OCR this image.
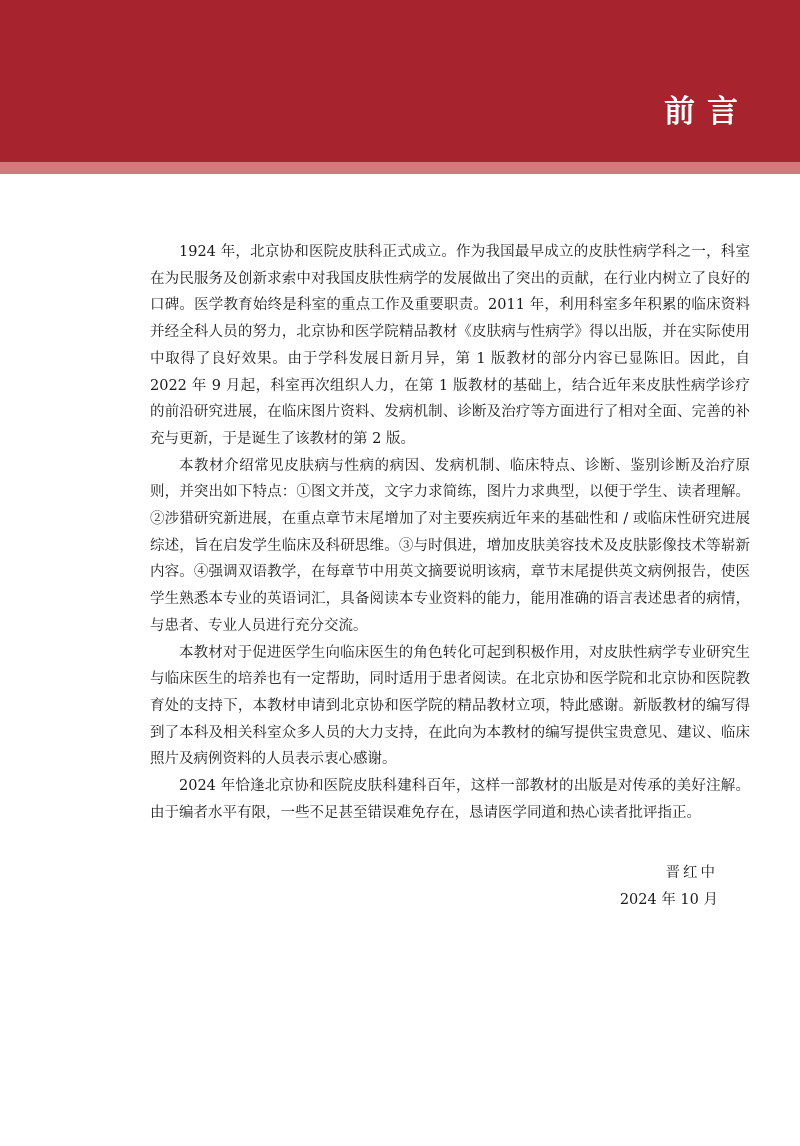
前言

1924 年，北京协和医院皮肤科正式成立。作为我国最早成立的皮肤性病学科之一，科室在为民服务及创新求索中对我国皮肤性病学的发展做出了突出的贡献，在行业内树立了良好的口碑。医学教育始终是科室的重点工作及重要职责。2011 年，利用科室多年积累的临床资料并经全科人员的努力，北京协和医学院精品教材《皮肤病与性病学》得以出版，并在实际使用中取得了良好效果。由于学科发展日新月异，第 1 版教材的部分内容已显陈旧。因此，自 2022 年 9 月起，科室再次组织人力，在第 1 版教材的基础上，结合近年来皮肤性病学诊疗的前沿研究进展，在临床图片资料、发病机制、诊断及治疗等方面进行了相对全面、完善的补充与更新，于是诞生了该教材的第 2 版。

本教材介绍常见皮肤病与性病的病因、发病机制、临床特点、诊断、鉴别诊断及治疗原则，并突出如下特点：①图文并茂，文字力求简练，图片力求典型，以便于学生、读者理解。②涉猎研究新进展，在重点章节末尾增加了对主要疾病近年来的基础性和 / 或临床性研究进展综述，旨在启发学生临床及科研思维。③与时俱进，增加皮肤美容技术及皮肤影像技术等崭新内容。④强调双语教学，在每章节中用英文摘要说明该病，章节末尾提供英文病例报告，使医学生熟悉本专业的英语词汇，具备阅读本专业资料的能力，能用准确的语言表述患者的病情，与患者、专业人员进行充分交流。

本教材对于促进医学生向临床医生的角色转化可起到积极作用，对皮肤性病学专业研究生与临床医生的培养也有一定帮助，同时适用于患者阅读。在北京协和医学院和北京协和医院教育处的支持下，本教材申请到北京协和医学院的精品教材立项，特此感谢。新版教材的编写得到了本科及相关科室众多人员的大力支持，在此向为本教材的编写提供宝贵意见、建议、临床照片及病例资料的人员表示衷心感谢。

2024 年恰逢北京协和医院皮肤科建科百年，这样一部教材的出版是对传承的美好注解。由于编者水平有限，一些不足甚至错误难免存在，恳请医学同道和热心读者批评指正。

晋红中
2024 年 10 月
